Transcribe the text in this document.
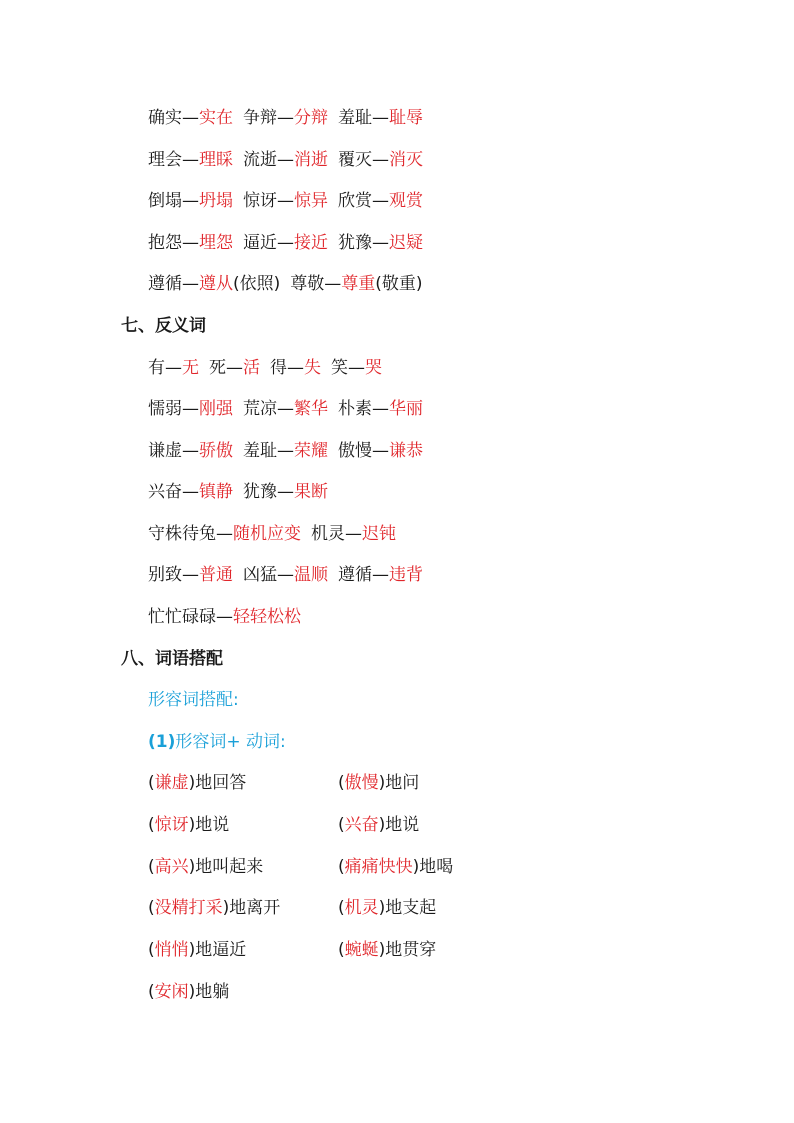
确实—实在 争辩—分辩 羞耻—耻辱
理会—理睬 流逝—消逝 覆灭—消灭
倒塌—坍塌 惊讶—惊异 欣赏—观赏
抱怨—埋怨 逼近—接近 犹豫—迟疑
遵循—遵从(依照) 尊敬—尊重(敬重)
七、反义词
有—无 死—活 得—失 笑—哭
懦弱—刚强 荒凉—繁华 朴素—华丽
谦虚—骄傲 羞耻—荣耀 傲慢—谦恭
兴奋—镇静 犹豫—果断
守株待兔—随机应变 机灵—迟钝
别致—普通 凶猛—温顺 遵循—违背
忙忙碌碌—轻轻松松
八、词语搭配
形容词搭配:
(1)形容词+ 动词:
(谦虚)地回答	(傲慢)地问
(惊讶)地说	(兴奋)地说
(高兴)地叫起来	(痛痛快快)地喝
(没精打采)地离开	(机灵)地支起
(悄悄)地逼近	(蜿蜒)地贯穿
(安闲)地躺
